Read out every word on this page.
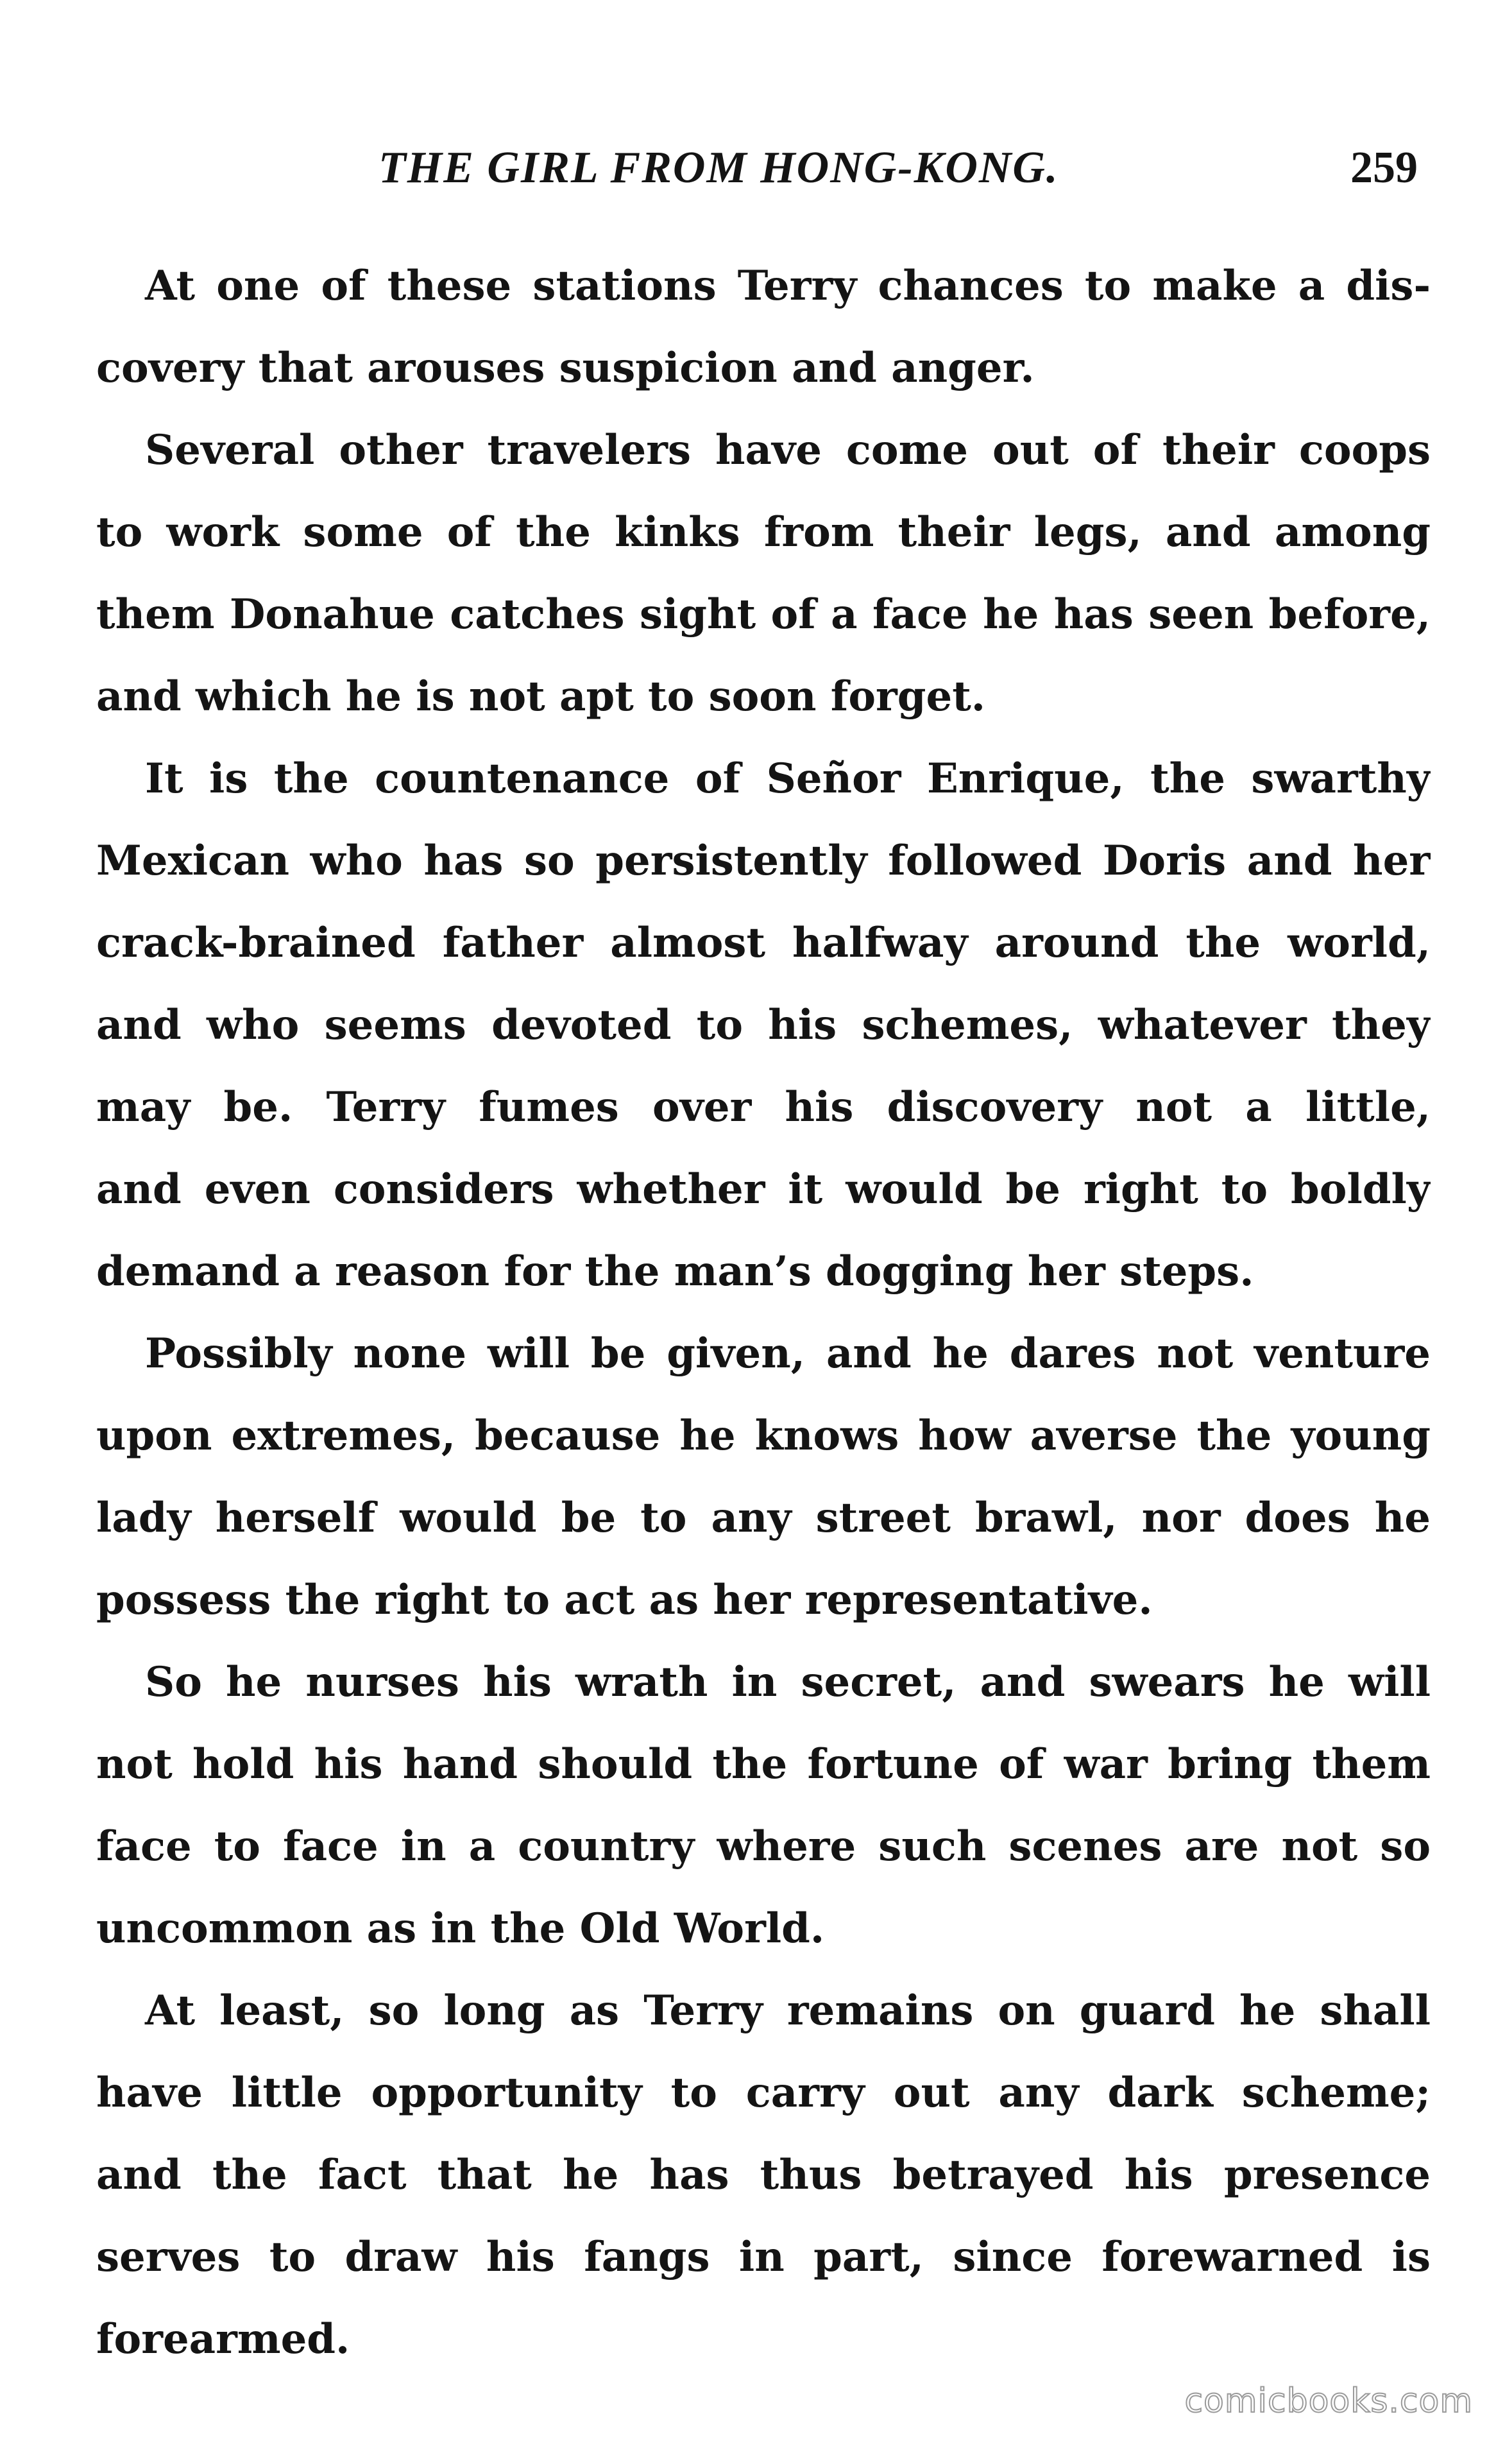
THE GIRL FROM HONG-KONG.	259
At one of these stations Terry chances to make a dis-
covery that arouses suspicion and anger.
Several other travelers have come out of their coops
to work some of the kinks from their legs, and among
them Donahue catches sight of a face he has seen before,
and which he is not apt to soon forget.
It is the countenance of Señor Enrique, the swarthy
Mexican who has so persistently followed Doris and her
crack-brained father almost halfway around the world,
and who seems devoted to his schemes, whatever they
may be. Terry fumes over his discovery not a little,
and even considers whether it would be right to boldly
demand a reason for the man’s dogging her steps.
Possibly none will be given, and he dares not venture
upon extremes, because he knows how averse the young
lady herself would be to any street brawl, nor does he
possess the right to act as her representative.
So he nurses his wrath in secret, and swears he will
not hold his hand should the fortune of war bring them
face to face in a country where such scenes are not so
uncommon as in the Old World.
At least, so long as Terry remains on guard he shall
have little opportunity to carry out any dark scheme;
and the fact that he has thus betrayed his presence
serves to draw his fangs in part, since forewarned is
forearmed.
comicbooks.com
